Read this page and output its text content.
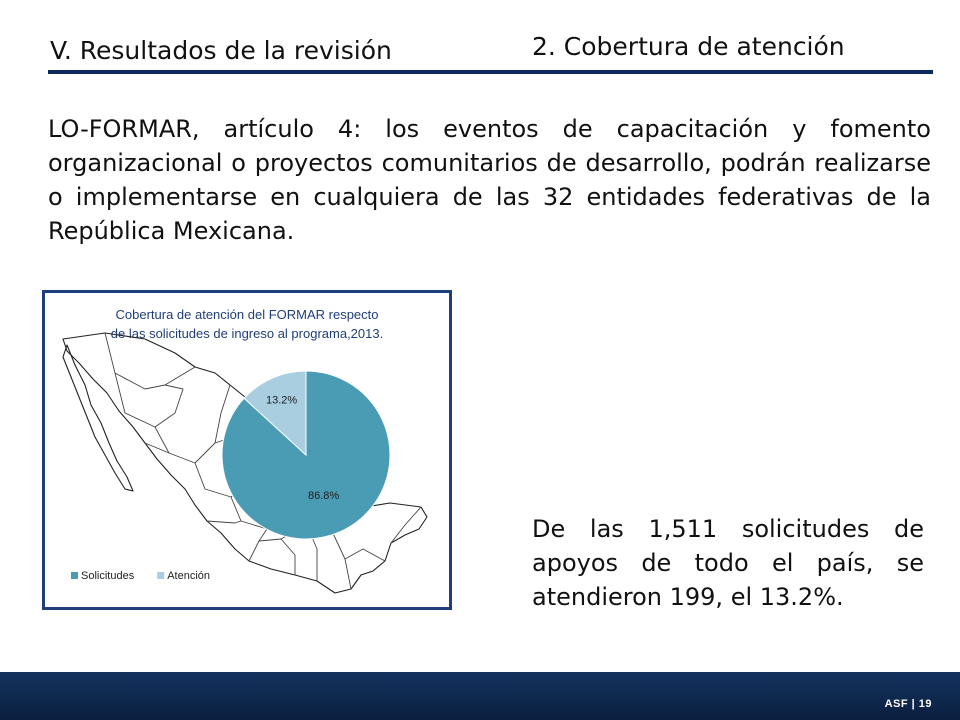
V. Resultados de la revisión	2. Cobertura de atención
LO-FORMAR, artículo 4: los eventos de capacitación y fomento organizacional o proyectos comunitarios de desarrollo, podrán realizarse o implementarse en cualquiera de las 32 entidades federativas de la República Mexicana.
Cobertura de atención del FORMAR respecto
de las solicitudes de ingreso al programa,2013.
86.8%
13.2%
Solicitudes	Atención
De las 1,511 solicitudes de apoyos de todo el país, se atendieron 199, el 13.2%.
ASF | 19
